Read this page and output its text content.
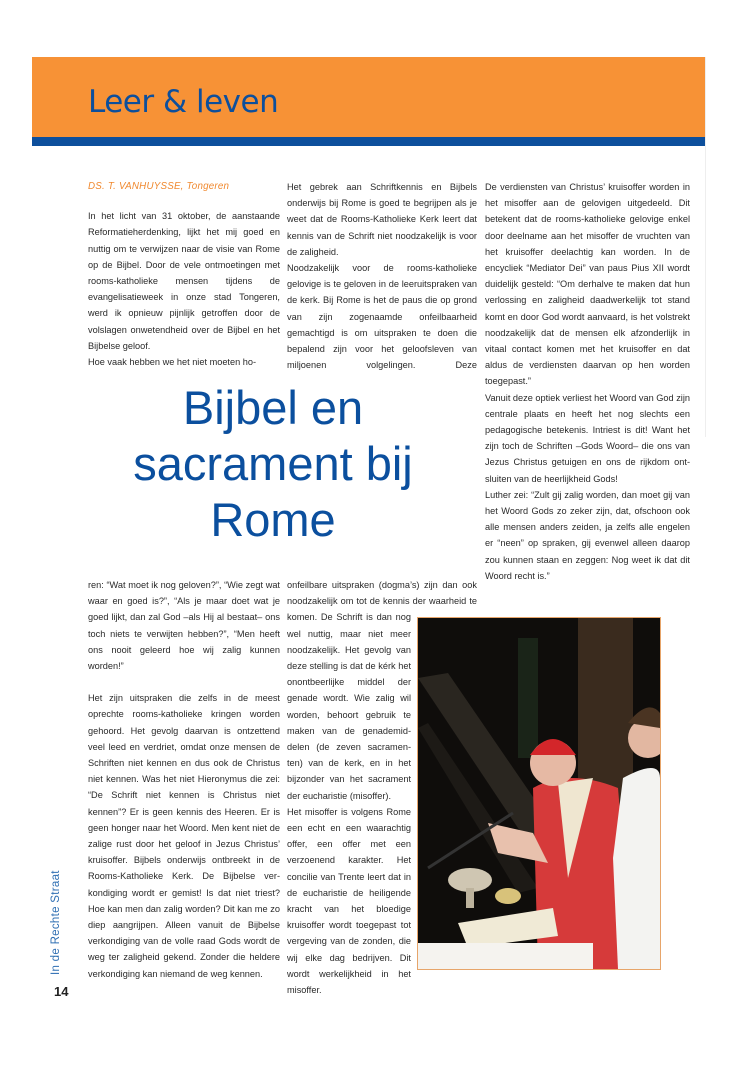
Leer & leven

DS. T. VANHUYSSE, Tongeren

In het licht van 31 oktober, de aanstaande Reformatieherdenking, lijkt het mij goed en nuttig om te verwijzen naar de visie van Rome op de Bijbel. Door de vele ontmoetingen met rooms-katholieke mensen tijdens de evangelisatieweek in onze stad Tongeren, werd ik opnieuw pijnlijk getroffen door de volslagen onwetendheid over de Bijbel en het Bijbelse geloof.

Hoe vaak hebben we het niet moeten ho-

Het gebrek aan Schriftkennis en Bijbels onderwijs bij Rome is goed te begrijpen als je weet dat de Rooms-Katholieke Kerk leert dat kennis van de Schrift niet noodzakelijk is voor de zaligheid.

Noodzakelijk voor de rooms-katholieke gelovige is te geloven in de leeruitspraken van de kerk. Bij Rome is het de paus die op grond van zijn zogenaamde onfeilbaarheid gemachtigd is om uitspraken te doen die bepalend zijn voor het geloofsleven van miljoenen volgelingen. Deze

De verdiensten van Christus’ kruisoffer worden in het misoffer aan de gelovigen uitgedeeld. Dit betekent dat de rooms-katholieke gelovige enkel door deelname aan het misoffer de vruchten van het kruisoffer deelachtig kan worden. In de encycliek “Mediator Dei” van paus Pius XII wordt duidelijk gesteld: “Om derhalve te maken dat hun verlossing en zaligheid daadwerkelijk tot stand komt en door God wordt aanvaard, is het volstrekt noodzakelijk dat de mensen elk afzonderlijk in vitaal contact komen met het kruisoffer en dat aldus de verdiensten daarvan op hen worden toegepast.”

Vanuit deze optiek verliest het Woord van God zijn centrale plaats en heeft het nog slechts een pedagogische betekenis. Intriest is dit! Want het zijn toch de Schriften –Gods Woord– die ons van Jezus Christus getuigen en ons de rijkdom ontsluiten van de heerlijkheid Gods!

Luther zei: “Zult gij zalig worden, dan moet gij van het Woord Gods zo zeker zijn, dat, ofschoon ook alle mensen anders zeiden, ja zelfs alle engelen er “neen” op spraken, gij evenwel alleen daarop zou kunnen staan en zeggen: Nog weet ik dat dit Woord recht is.”

Bijbel en
sacrament bij
Rome

ren: “Wat moet ik nog geloven?”, “Wie zegt wat waar en goed is?”, “Als je maar doet wat je goed lijkt, dan zal God –als Hij al bestaat– ons toch niets te verwijten hebben?”, “Men heeft ons nooit geleerd hoe wij zalig kunnen worden!”

Het zijn uitspraken die zelfs in de meest oprechte rooms-katholieke kringen worden gehoord. Het gevolg daarvan is ontzettend veel leed en verdriet, omdat onze mensen de Schriften niet kennen en dus ook de Christus niet kennen. Was het niet Hieronymus die zei: “De Schrift niet kennen is Christus niet kennen”? Er is geen kennis des Heeren. Er is geen honger naar het Woord. Men kent niet de zalige rust door het geloof in Jezus Christus’ kruisoffer. Bijbels onderwijs ontbreekt in de Rooms-Katholieke Kerk. De Bijbelse verkondiging wordt er gemist! Is dat niet triest? Hoe kan men dan zalig worden? Dit kan me zo diep aangrijpen. Alleen vanuit de Bijbelse verkondiging van de volle raad Gods wordt de weg ter zaligheid gekend. Zonder die heldere verkondiging kan niemand de weg kennen.

onfeilbare uitspraken (dogma’s) zijn dan ook noodzakelijk om tot de kennis der waarheid te komen. De Schrift is dan nog wel nuttig, maar niet meer noodzakelijk. Het gevolg van deze stelling is dat de kérk het onontbeerlijke middel der genade wordt. Wie zalig wil worden, behoort gebruik te maken van de genademiddelen (de zeven sacramenten) van de kerk, en in het bijzonder van het sacrament der eucharistie (misoffer).

Het misoffer is volgens Rome een echt en een waarachtig offer, een offer met een verzoenend karakter. Het concilie van Trente leert dat in de eucharistie de heiligende kracht van het bloedige kruisoffer wordt toegepast tot vergeving van de zonden, die wij elke dag bedrijven. Dit wordt werkelijkheid in het misoffer.

In de Rechte Straat
14
